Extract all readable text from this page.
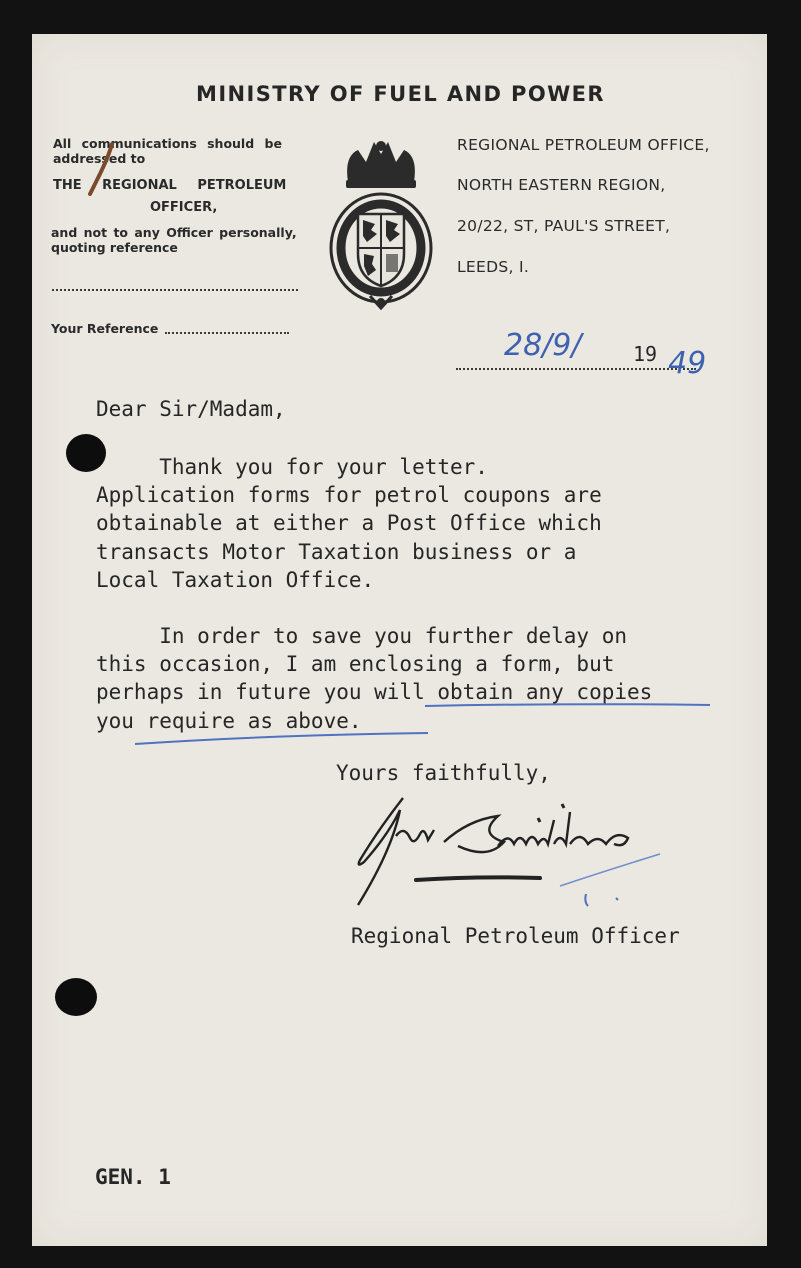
MINISTRY OF FUEL AND POWER
All communications should be
addressed to
THE REGIONAL PETROLEUM
OFFICER,
and not to any Officer personally,
quoting reference
Your Reference
REGIONAL PETROLEUM OFFICE,
NORTH EASTERN REGION,
20/22, ST, PAUL'S STREET,
LEEDS, I.
19
28/9/
49
Dear Sir/Madam,
Thank you for your letter.
Application forms for petrol coupons are
obtainable at either a Post Office which
transacts Motor Taxation business or a
Local Taxation Office.
In order to save you further delay on
this occasion, I am enclosing a form, but
perhaps in future you will obtain any copies
you require as above.
Yours faithfully,
Regional Petroleum Officer
GEN. 1
